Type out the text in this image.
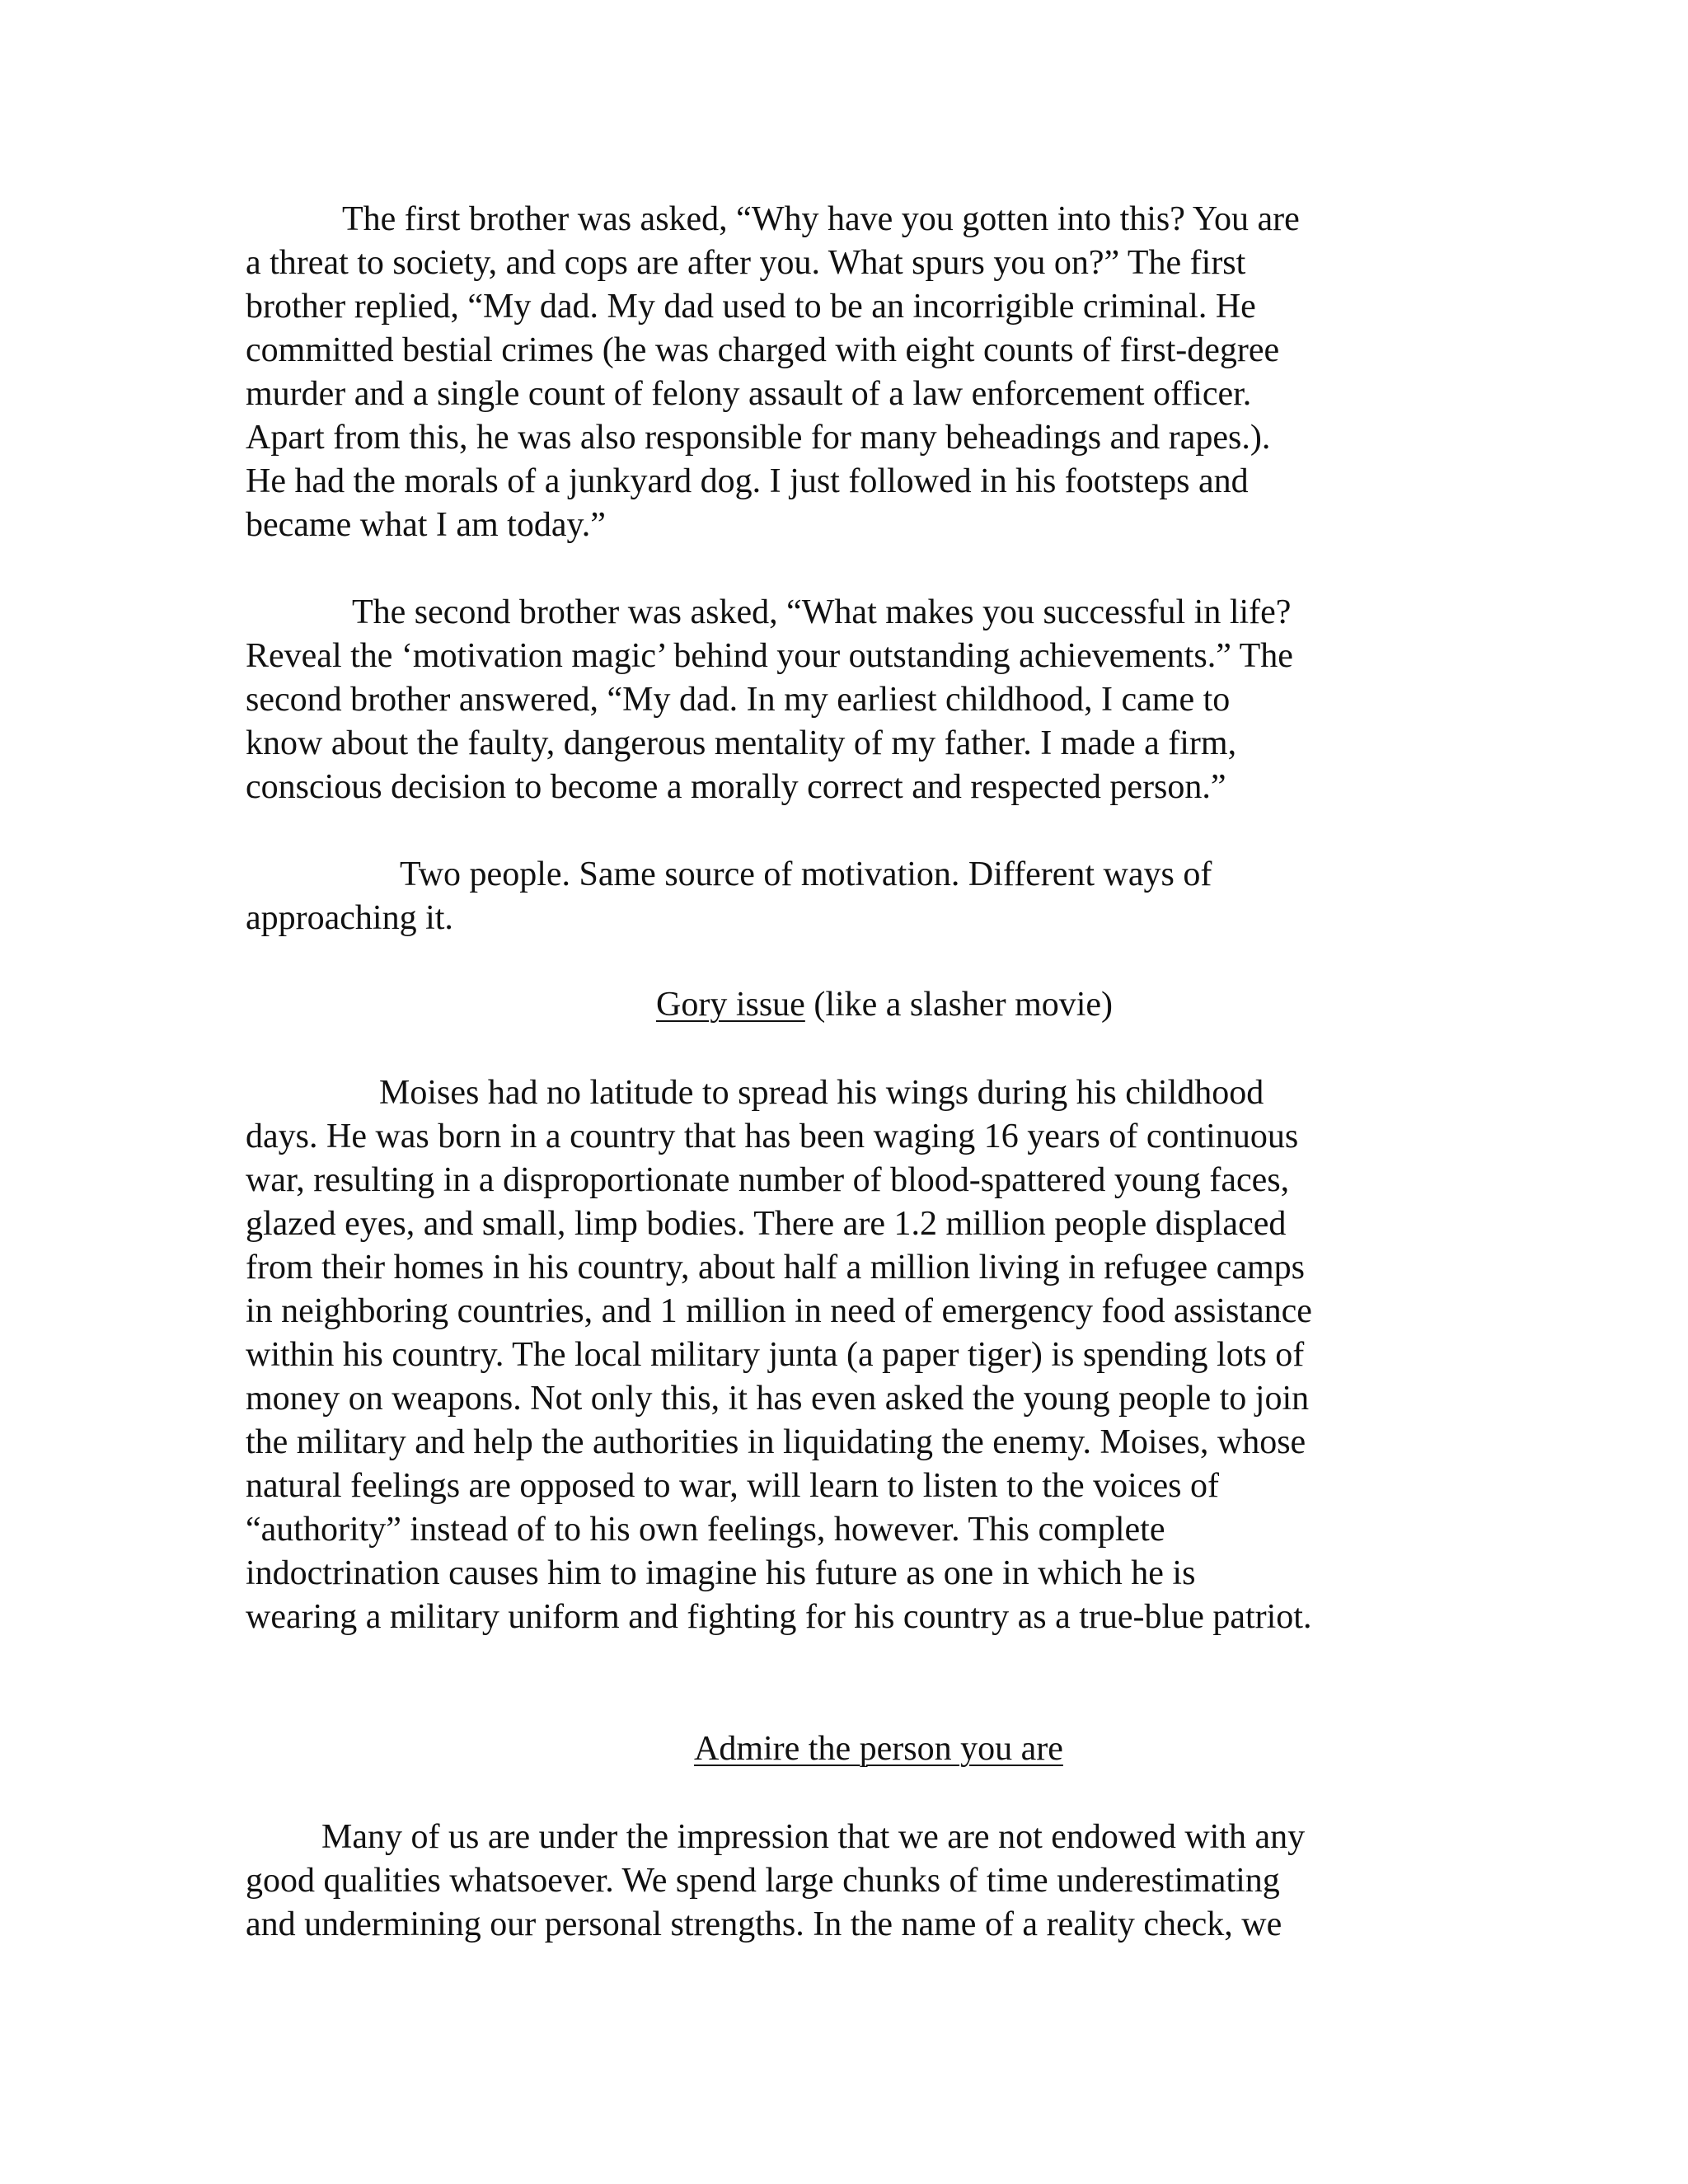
The first brother was asked, “Why have you gotten into this? You are

a threat to society, and cops are after you. What spurs you on?” The first

brother replied, “My dad. My dad used to be an incorrigible criminal. He

committed bestial crimes (he was charged with eight counts of first-degree

murder and a single count of felony assault of a law enforcement officer.

Apart from this, he was also responsible for many beheadings and rapes.).

He had the morals of a junkyard dog. I just followed in his footsteps and

became what I am today.”

The second brother was asked, “What makes you successful in life?

Reveal the ‘motivation magic’ behind your outstanding achievements.” The

second brother answered, “My dad. In my earliest childhood, I came to

know about the faulty, dangerous mentality of my father. I made a firm,

conscious decision to become a morally correct and respected person.”

Two people. Same source of motivation. Different ways of

approaching it.

Gory issue (like a slasher movie)

Moises had no latitude to spread his wings during his childhood

days. He was born in a country that has been waging 16 years of continuous

war, resulting in a disproportionate number of blood-spattered young faces,

glazed eyes, and small, limp bodies. There are 1.2 million people displaced

from their homes in his country, about half a million living in refugee camps

in neighboring countries, and 1 million in need of emergency food assistance

within his country. The local military junta (a paper tiger) is spending lots of

money on weapons. Not only this, it has even asked the young people to join

the military and help the authorities in liquidating the enemy. Moises, whose

natural feelings are opposed to war, will learn to listen to the voices of

“authority” instead of to his own feelings, however. This complete

indoctrination causes him to imagine his future as one in which he is

wearing a military uniform and fighting for his country as a true-blue patriot.

Admire the person you are

Many of us are under the impression that we are not endowed with any

good qualities whatsoever. We spend large chunks of time underestimating

and undermining our personal strengths. In the name of a reality check, we
